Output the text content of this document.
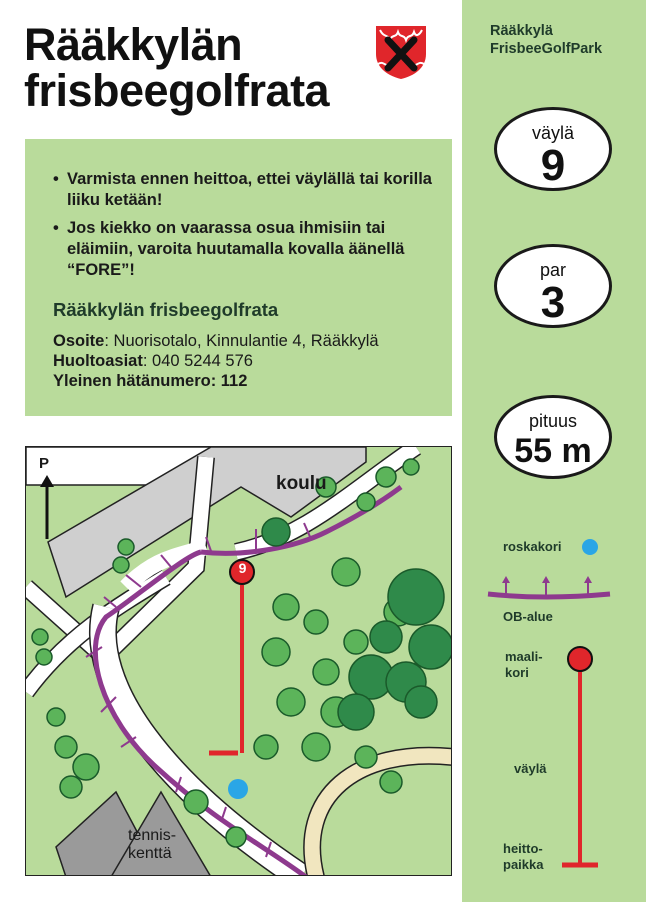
Rääkkylän
frisbeegolfrata
• Varmista ennen heittoa, ettei väylällä tai korilla liiku ketään!
• Jos kiekko on vaarassa osua ihmisiin tai eläimiin, varoita huutamalla kovalla äänellä “FORE”!
Rääkkylän frisbeegolfrata
Osoite: Nuorisotalo, Kinnulantie 4, Rääkkylä
Huoltoasiat: 040 5244 576
Yleinen hätänumero: 112
P
koulu
9
tennis-
kenttä
Rääkkylä
FrisbeeGolfPark
väylä
9
par
3
pituus
55 m
roskakori
OB-alue
maali-
kori
väylä
heitto-
paikka
